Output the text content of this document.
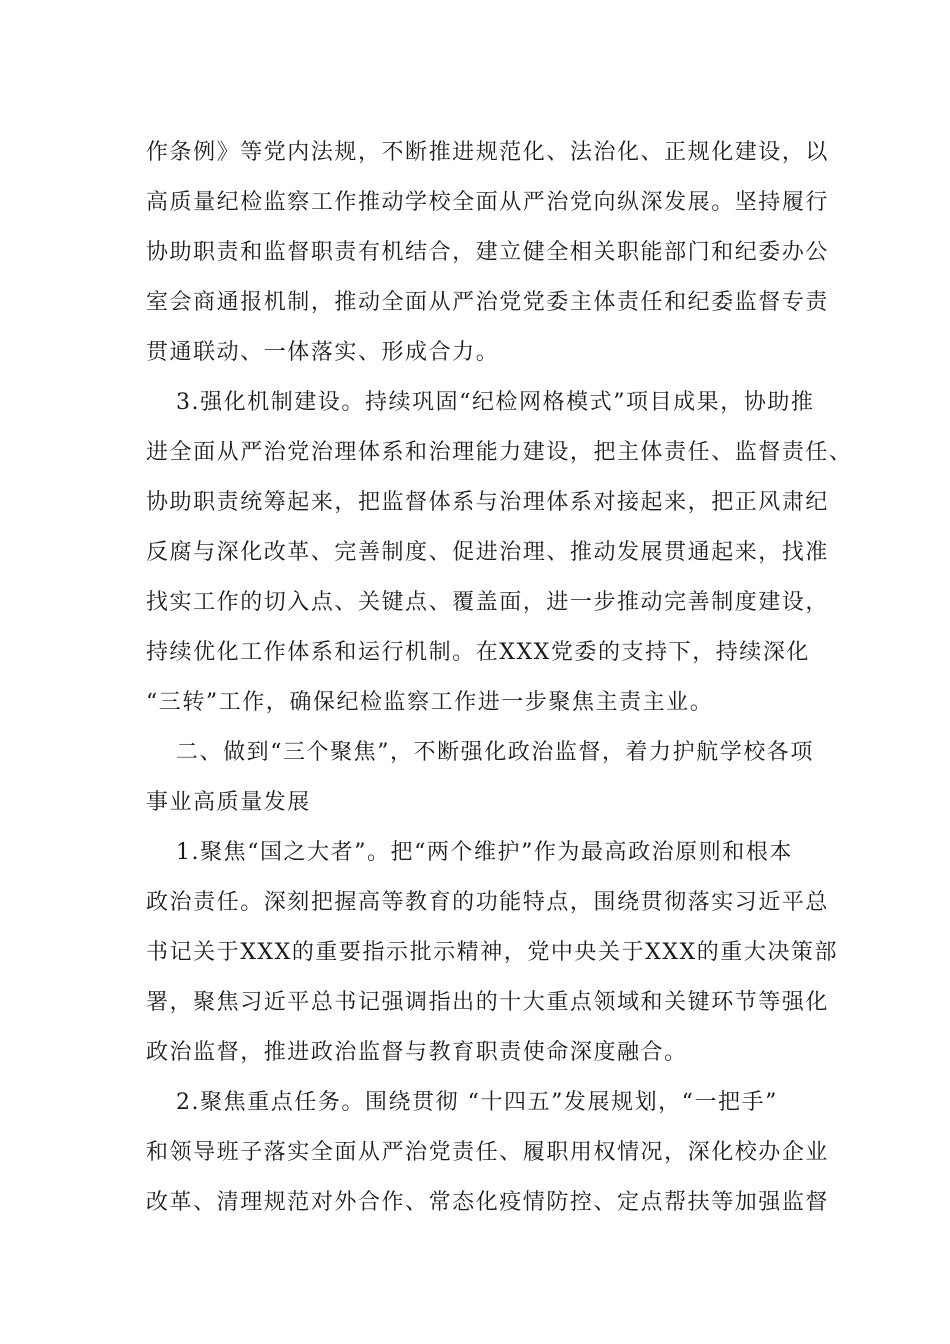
作条例》等党内法规，不断推进规范化、法治化、正规化建设，以
高质量纪检监察工作推动学校全面从严治党向纵深发展。坚持履行
协助职责和监督职责有机结合，建立健全相关职能部门和纪委办公
室会商通报机制，推动全面从严治党党委主体责任和纪委监督专责
贯通联动、一体落实、形成合力。
3.强化机制建设。持续巩固“纪检网格模式”项目成果，协助推
进全面从严治党治理体系和治理能力建设，把主体责任、监督责任、
协助职责统筹起来，把监督体系与治理体系对接起来，把正风肃纪
反腐与深化改革、完善制度、促进治理、推动发展贯通起来，找准
找实工作的切入点、关键点、覆盖面，进一步推动完善制度建设，
持续优化工作体系和运行机制。在XXX党委的支持下，持续深化
“三转”工作，确保纪检监察工作进一步聚焦主责主业。
二、做到“三个聚焦”，不断强化政治监督，着力护航学校各项
事业高质量发展
1.聚焦“国之大者”。把“两个维护”作为最高政治原则和根本
政治责任。深刻把握高等教育的功能特点，围绕贯彻落实习近平总
书记关于XXX的重要指示批示精神，党中央关于XXX的重大决策部
署，聚焦习近平总书记强调指出的十大重点领域和关键环节等强化
政治监督，推进政治监督与教育职责使命深度融合。
2.聚焦重点任务。围绕贯彻 “十四五”发展规划，“一把手”
和领导班子落实全面从严治党责任、履职用权情况，深化校办企业
改革、清理规范对外合作、常态化疫情防控、定点帮扶等加强监督
